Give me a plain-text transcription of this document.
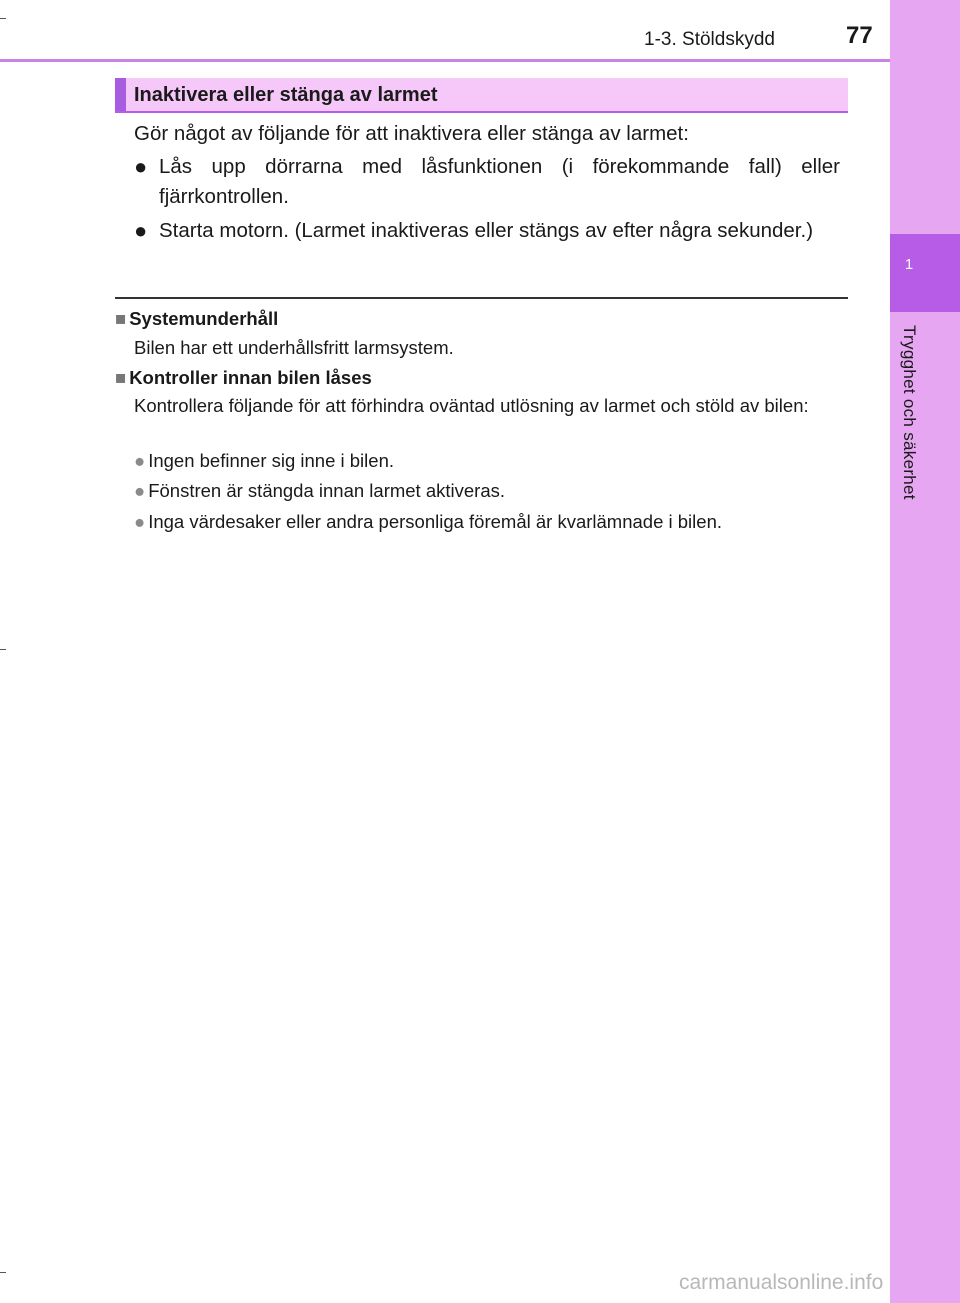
1
Trygghet och säkerhet
1-3. Stöldskydd	77
Inaktivera eller stänga av larmet
Gör något av följande för att inaktivera eller stänga av larmet:
● Lås upp dörrarna med låsfunktionen (i förekommande fall) eller fjärrkontrollen.
● Starta motorn. (Larmet inaktiveras eller stängs av efter några sekunder.)
■ Systemunderhåll
Bilen har ett underhållsfritt larmsystem.
■ Kontroller innan bilen låses
Kontrollera följande för att förhindra oväntad utlösning av larmet och stöld av bilen:
● Ingen befinner sig inne i bilen.
● Fönstren är stängda innan larmet aktiveras.
● Inga värdesaker eller andra personliga föremål är kvarlämnade i bilen.
carmanualsonline.info
